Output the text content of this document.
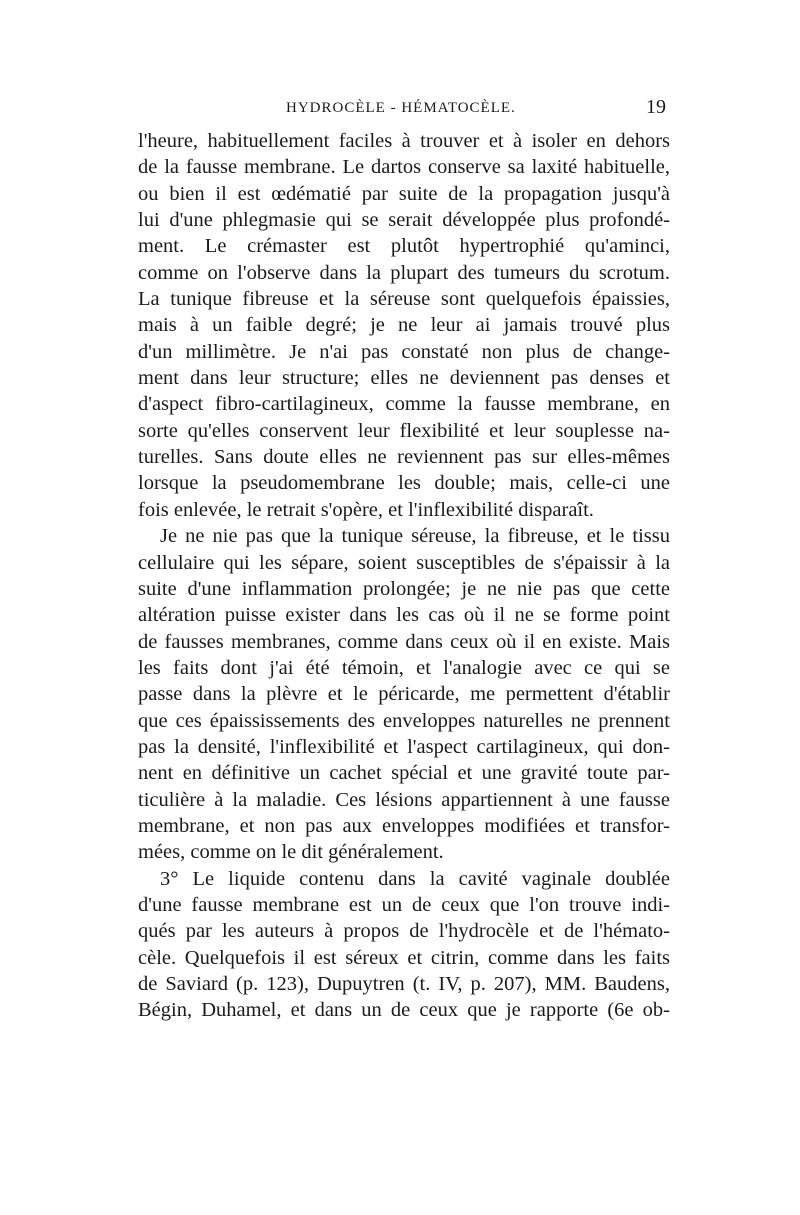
HYDROCÈLE - HÉMATOCÈLE.	19
l'heure, habituellement faciles à trouver et à isoler en dehors
de la fausse membrane. Le dartos conserve sa laxité habituelle,
ou bien il est œdématié par suite de la propagation jusqu'à
lui d'une phlegmasie qui se serait développée plus profondé-
ment. Le crémaster est plutôt hypertrophié qu'aminci,
comme on l'observe dans la plupart des tumeurs du scrotum.
La tunique fibreuse et la séreuse sont quelquefois épaissies,
mais à un faible degré; je ne leur ai jamais trouvé plus
d'un millimètre. Je n'ai pas constaté non plus de change-
ment dans leur structure; elles ne deviennent pas denses et
d'aspect fibro-cartilagineux, comme la fausse membrane, en
sorte qu'elles conservent leur flexibilité et leur souplesse na-
turelles. Sans doute elles ne reviennent pas sur elles-mêmes
lorsque la pseudomembrane les double; mais, celle-ci une
fois enlevée, le retrait s'opère, et l'inflexibilité disparaît.
Je ne nie pas que la tunique séreuse, la fibreuse, et le tissu
cellulaire qui les sépare, soient susceptibles de s'épaissir à la
suite d'une inflammation prolongée; je ne nie pas que cette
altération puisse exister dans les cas où il ne se forme point
de fausses membranes, comme dans ceux où il en existe. Mais
les faits dont j'ai été témoin, et l'analogie avec ce qui se
passe dans la plèvre et le péricarde, me permettent d'établir
que ces épaississements des enveloppes naturelles ne prennent
pas la densité, l'inflexibilité et l'aspect cartilagineux, qui don-
nent en définitive un cachet spécial et une gravité toute par-
ticulière à la maladie. Ces lésions appartiennent à une fausse
membrane, et non pas aux enveloppes modifiées et transfor-
mées, comme on le dit généralement.
3° Le liquide contenu dans la cavité vaginale doublée
d'une fausse membrane est un de ceux que l'on trouve indi-
qués par les auteurs à propos de l'hydrocèle et de l'hémato-
cèle. Quelquefois il est séreux et citrin, comme dans les faits
de Saviard (p. 123), Dupuytren (t. IV, p. 207), MM. Baudens,
Bégin, Duhamel, et dans un de ceux que je rapporte (6e ob-
